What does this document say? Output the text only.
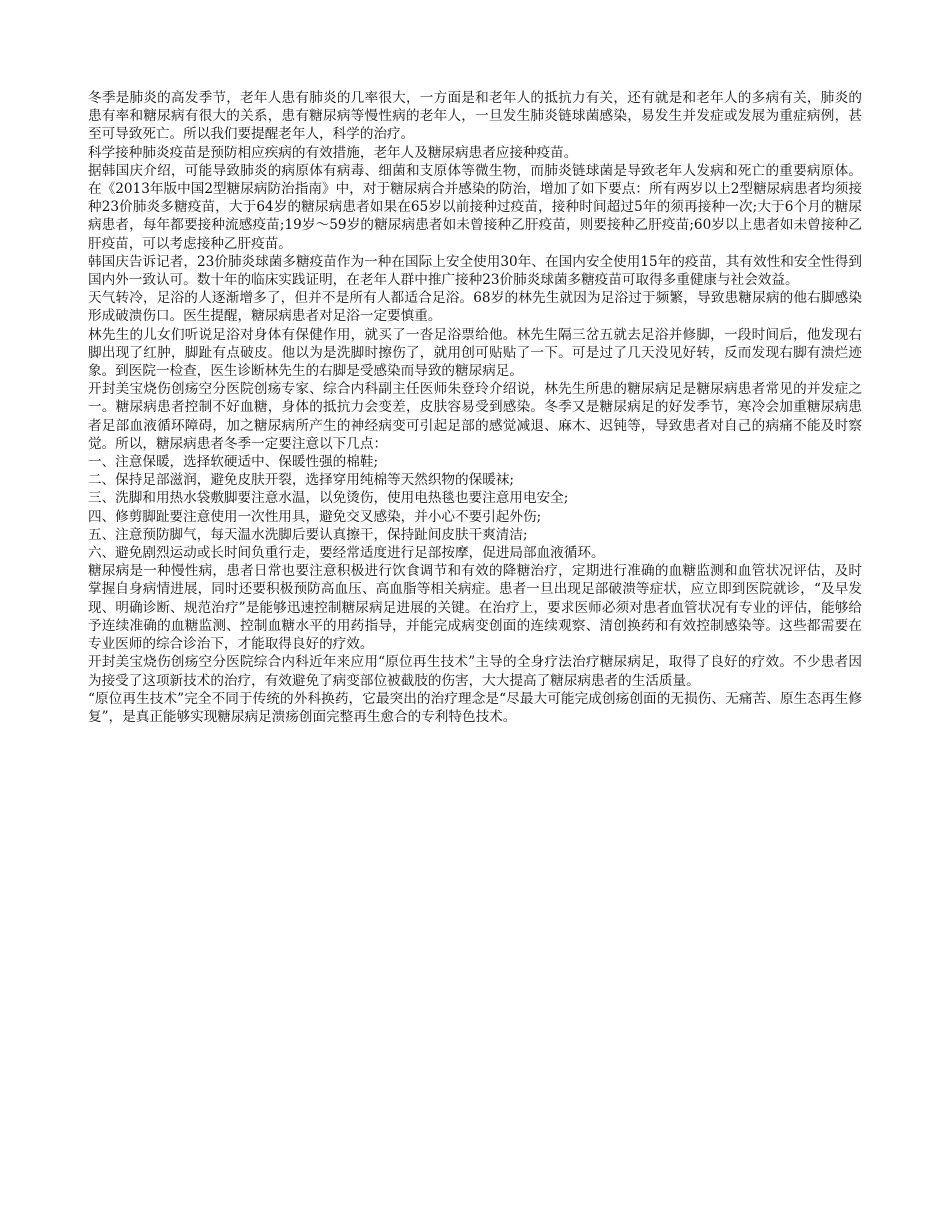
冬季是肺炎的高发季节，老年人患有肺炎的几率很大，一方面是和老年人的抵抗力有关，还有就是和老年人的多病有关，肺炎的患有率和糖尿病有很大的关系，患有糖尿病等慢性病的老年人，一旦发生肺炎链球菌感染，易发生并发症或发展为重症病例，甚至可导致死亡。所以我们要提醒老年人，科学的治疗。

科学接种肺炎疫苗是预防相应疾病的有效措施，老年人及糖尿病患者应接种疫苗。

据韩国庆介绍，可能导致肺炎的病原体有病毒、细菌和支原体等微生物，而肺炎链球菌是导致老年人发病和死亡的重要病原体。在《2013年版中国2型糖尿病防治指南》中，对于糖尿病合并感染的防治，增加了如下要点：所有两岁以上2型糖尿病患者均须接种23价肺炎多糖疫苗，大于64岁的糖尿病患者如果在65岁以前接种过疫苗，接种时间超过5年的须再接种一次;大于6个月的糖尿病患者，每年都要接种流感疫苗;19岁～59岁的糖尿病患者如未曾接种乙肝疫苗，则要接种乙肝疫苗;60岁以上患者如未曾接种乙肝疫苗，可以考虑接种乙肝疫苗。

韩国庆告诉记者，23价肺炎球菌多糖疫苗作为一种在国际上安全使用30年、在国内安全使用15年的疫苗，其有效性和安全性得到国内外一致认可。数十年的临床实践证明，在老年人群中推广接种23价肺炎球菌多糖疫苗可取得多重健康与社会效益。

天气转冷，足浴的人逐渐增多了，但并不是所有人都适合足浴。68岁的林先生就因为足浴过于频繁，导致患糖尿病的他右脚感染形成破溃伤口。医生提醒，糖尿病患者对足浴一定要慎重。

林先生的儿女们听说足浴对身体有保健作用，就买了一沓足浴票给他。林先生隔三岔五就去足浴并修脚，一段时间后，他发现右脚出现了红肿，脚趾有点破皮。他以为是洗脚时擦伤了，就用创可贴贴了一下。可是过了几天没见好转，反而发现右脚有溃烂迹象。到医院一检查，医生诊断林先生的右脚是受感染而导致的糖尿病足。

开封美宝烧伤创疡空分医院创疡专家、综合内科副主任医师朱登玲介绍说，林先生所患的糖尿病足是糖尿病患者常见的并发症之一。糖尿病患者控制不好血糖，身体的抵抗力会变差，皮肤容易受到感染。冬季又是糖尿病足的好发季节，寒冷会加重糖尿病患者足部血液循环障碍，加之糖尿病所产生的神经病变可引起足部的感觉减退、麻木、迟钝等，导致患者对自己的病痛不能及时察觉。所以，糖尿病患者冬季一定要注意以下几点：

一、注意保暖，选择软硬适中、保暖性强的棉鞋;

二、保持足部滋润，避免皮肤开裂，选择穿用纯棉等天然织物的保暖袜;

三、洗脚和用热水袋敷脚要注意水温，以免烫伤，使用电热毯也要注意用电安全;

四、修剪脚趾要注意使用一次性用具，避免交叉感染，并小心不要引起外伤;

五、注意预防脚气，每天温水洗脚后要认真擦干，保持趾间皮肤干爽清洁;

六、避免剧烈运动或长时间负重行走，要经常适度进行足部按摩，促进局部血液循环。

糖尿病是一种慢性病，患者日常也要注意积极进行饮食调节和有效的降糖治疗，定期进行准确的血糖监测和血管状况评估，及时掌握自身病情进展，同时还要积极预防高血压、高血脂等相关病症。患者一旦出现足部破溃等症状，应立即到医院就诊，“及早发现、明确诊断、规范治疗”是能够迅速控制糖尿病足进展的关键。在治疗上，要求医师必须对患者血管状况有专业的评估，能够给予连续准确的血糖监测、控制血糖水平的用药指导，并能完成病变创面的连续观察、清创换药和有效控制感染等。这些都需要在专业医师的综合诊治下，才能取得良好的疗效。

开封美宝烧伤创疡空分医院综合内科近年来应用“原位再生技术”主导的全身疗法治疗糖尿病足，取得了良好的疗效。不少患者因为接受了这项新技术的治疗，有效避免了病变部位被截肢的伤害，大大提高了糖尿病患者的生活质量。

“原位再生技术”完全不同于传统的外科换药，它最突出的治疗理念是“尽最大可能完成创疡创面的无损伤、无痛苦、原生态再生修复”，是真正能够实现糖尿病足溃疡创面完整再生愈合的专利特色技术。
